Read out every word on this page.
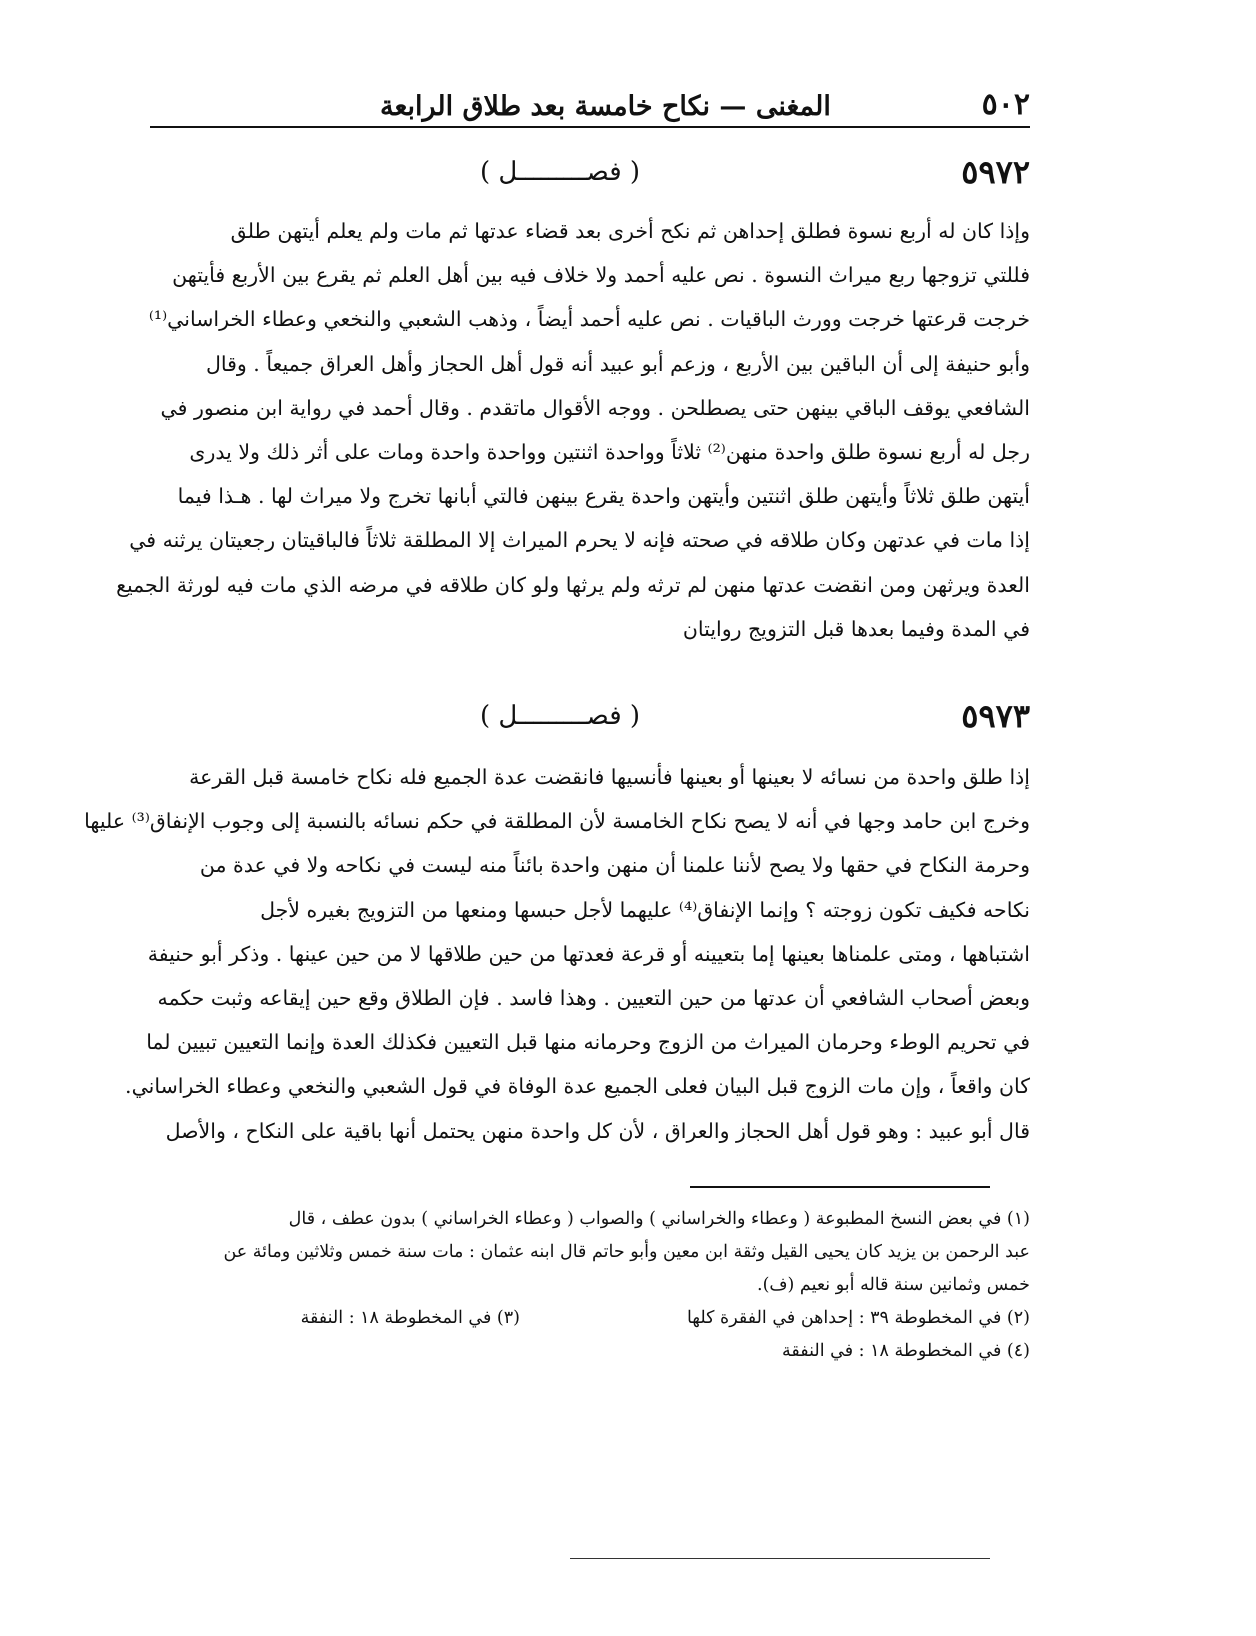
٥٠٢
المغنى — نكاح خامسة بعد طلاق الرابعة
٥٩٧٢
( فصـــــــــل )

وإذا كان له أربع نسوة فطلق إحداهن ثم نكح أخرى بعد قضاء عدتها ثم مات ولم يعلم أيتهن طلق
فللتي تزوجها ربع ميراث النسوة . نص عليه أحمد ولا خلاف فيه بين أهل العلم ثم يقرع بين الأربع فأيتهن
خرجت قرعتها خرجت وورث الباقيات . نص عليه أحمد أيضاً ، وذهب الشعبي والنخعي وعطاء الخراساني⁽¹⁾
وأبو حنيفة إلى أن الباقين بين الأربع ، وزعم أبو عبيد أنه قول أهل الحجاز وأهل العراق جميعاً . وقال
الشافعي يوقف الباقي بينهن حتى يصطلحن . ووجه الأقوال ماتقدم . وقال أحمد في رواية ابن منصور في
رجل له أربع نسوة طلق واحدة منهن⁽²⁾ ثلاثاً وواحدة اثنتين وواحدة واحدة ومات على أثر ذلك ولا يدرى
أيتهن طلق ثلاثاً وأيتهن طلق اثنتين وأيتهن واحدة يقرع بينهن فالتي أبانها تخرج ولا ميراث لها . هـذا فيما
إذا مات في عدتهن وكان طلاقه في صحته فإنه لا يحرم الميراث إلا المطلقة ثلاثاً فالباقيتان رجعيتان يرثنه في
العدة ويرثهن ومن انقضت عدتها منهن لم ترثه ولم يرثها ولو كان طلاقه في مرضه الذي مات فيه لورثة الجميع
في المدة وفيما بعدها قبل التزويج روايتان

٥٩٧٣
( فصـــــــــل )

إذا طلق واحدة من نسائه لا بعينها أو بعينها فأنسيها فانقضت عدة الجميع فله نكاح خامسة قبل القرعة
وخرج ابن حامد وجها في أنه لا يصح نكاح الخامسة لأن المطلقة في حكم نسائه بالنسبة إلى وجوب الإنفاق⁽³⁾ عليها
وحرمة النكاح في حقها ولا يصح لأننا علمنا أن منهن واحدة بائناً منه ليست في نكاحه ولا في عدة من
نكاحه فكيف تكون زوجته ؟ وإنما الإنفاق⁽⁴⁾ عليهما لأجل حبسها ومنعها من التزويج بغيره لأجل
اشتباهها ، ومتى علمناها بعينها إما بتعيينه أو قرعة فعدتها من حين طلاقها لا من حين عينها . وذكر أبو حنيفة
وبعض أصحاب الشافعي أن عدتها من حين التعيين . وهذا فاسد . فإن الطلاق وقع حين إيقاعه وثبت حكمه
في تحريم الوطء وحرمان الميراث من الزوج وحرمانه منها قبل التعيين فكذلك العدة وإنما التعيين تبيين لما
كان واقعاً ، وإن مات الزوج قبل البيان فعلى الجميع عدة الوفاة في قول الشعبي والنخعي وعطاء الخراساني.
قال أبو عبيد : وهو قول أهل الحجاز والعراق ، لأن كل واحدة منهن يحتمل أنها باقية على النكاح ، والأصل

(١) في بعض النسخ المطبوعة ( وعطاء والخراساني ) والصواب ( وعطاء الخراساني ) بدون عطف ، قال
عبد الرحمن بن يزيد كان يحيى القيل وثقة ابن معين وأبو حاتم قال ابنه عثمان : مات سنة خمس وثلاثين ومائة عن
خمس وثمانين سنة قاله أبو نعيم (ف).
(٢) في المخطوطة ٣٩ : إحداهن في الفقرة كلها
(٣) في المخطوطة ١٨ : النفقة
(٤) في المخطوطة ١٨ : في النفقة
